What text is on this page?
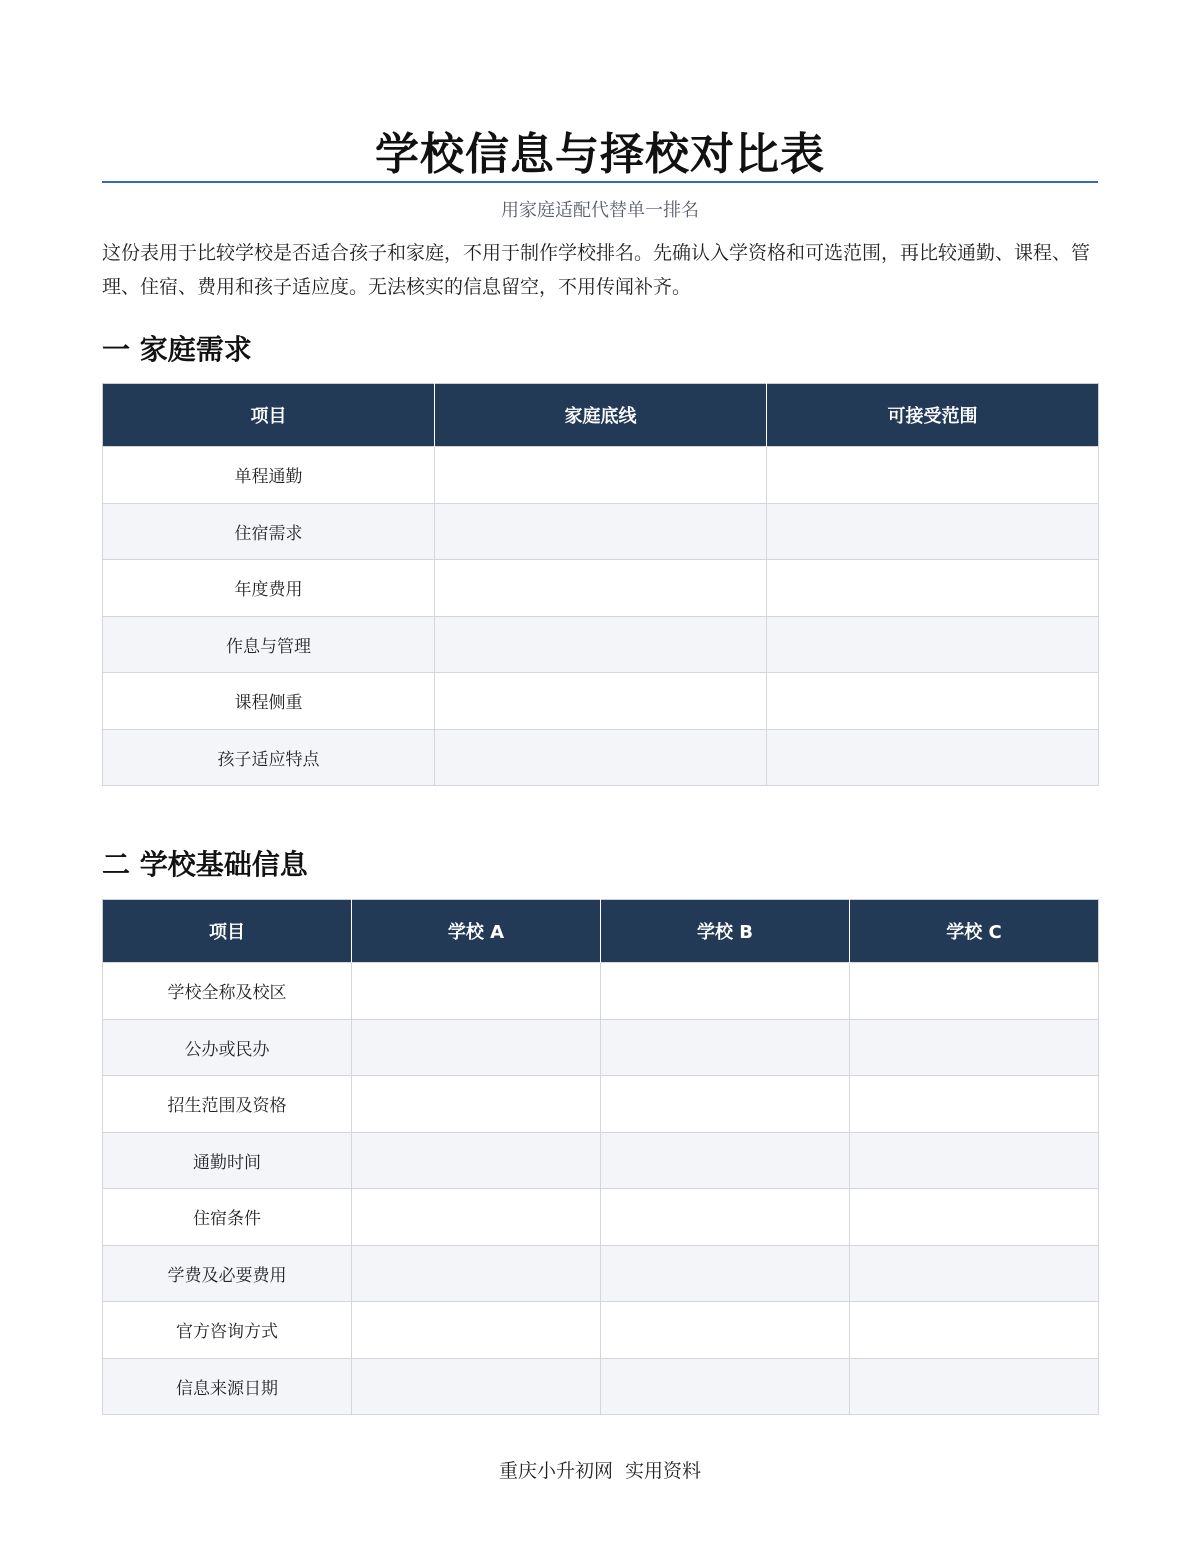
学校信息与择校对比表
用家庭适配代替单一排名

这份表用于比较学校是否适合孩子和家庭，不用于制作学校排名。先确认入学资格和可选范围，再比较通勤、课程、管理、住宿、费用和孩子适应度。无法核实的信息留空，不用传闻补齐。

一 家庭需求
项目	家庭底线	可接受范围
单程通勤		
住宿需求		
年度费用		
作息与管理		
课程侧重		
孩子适应特点		
二 学校基础信息
项目	学校 A	学校 B	学校 C
学校全称及校区			
公办或民办			
招生范围及资格			
通勤时间			
住宿条件			
学费及必要费用			
官方咨询方式			
信息来源日期			
重庆小升初网 实用资料
